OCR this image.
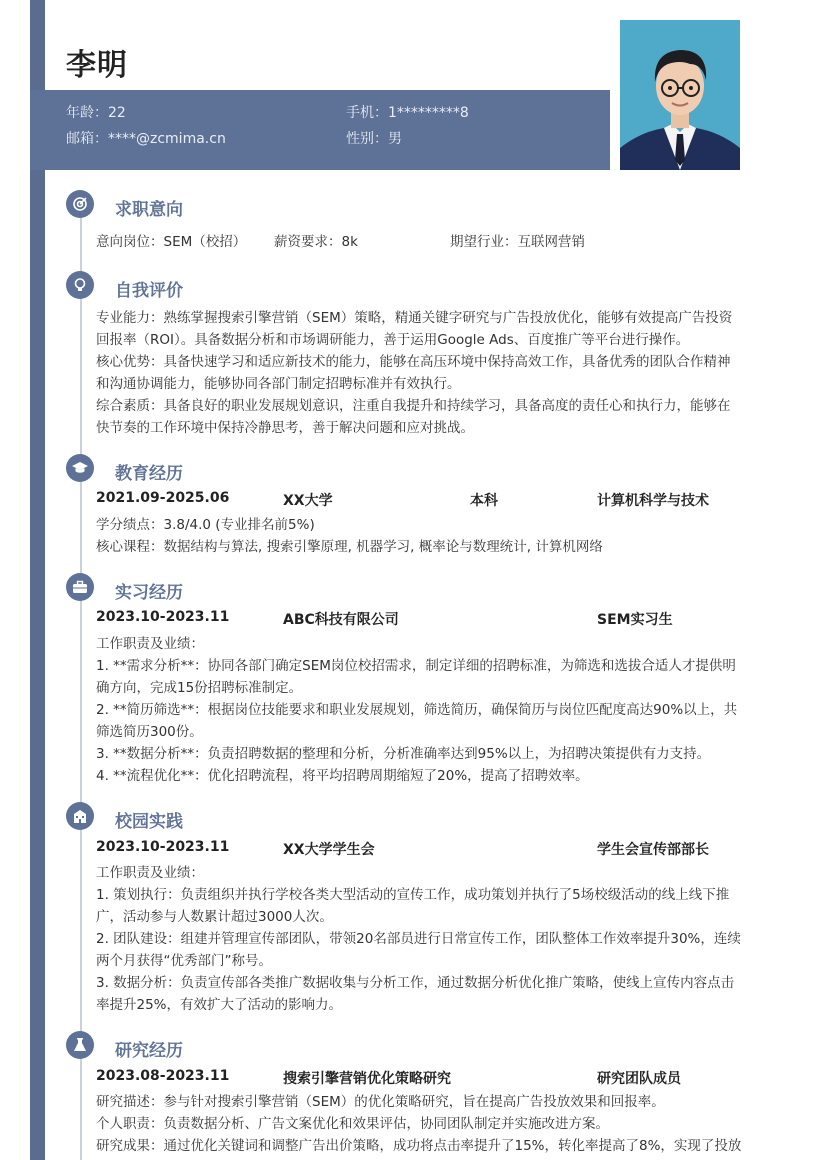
李明
年龄：22	手机：1*********8
邮箱：****@zcmima.cn	性别：男
求职意向
意向岗位：SEM（校招）	薪资要求：8k	期望行业：互联网营销
自我评价
专业能力：熟练掌握搜索引擎营销（SEM）策略，精通关键字研究与广告投放优化，能够有效提高广告投资
回报率（ROI）。具备数据分析和市场调研能力，善于运用Google Ads、百度推广等平台进行操作。
核心优势：具备快速学习和适应新技术的能力，能够在高压环境中保持高效工作，具备优秀的团队合作精神
和沟通协调能力，能够协同各部门制定招聘标准并有效执行。
综合素质：具备良好的职业发展规划意识，注重自我提升和持续学习，具备高度的责任心和执行力，能够在
快节奏的工作环境中保持冷静思考，善于解决问题和应对挑战。
教育经历
2021.09-2025.06	XX大学	本科	计算机科学与技术
学分绩点：3.8/4.0 (专业排名前5%)
核心课程：数据结构与算法, 搜索引擎原理, 机器学习, 概率论与数理统计, 计算机网络
实习经历
2023.10-2023.11	ABC科技有限公司	SEM实习生
工作职责及业绩：
1. **需求分析**：协同各部门确定SEM岗位校招需求，制定详细的招聘标准，为筛选和选拔合适人才提供明
确方向，完成15份招聘标准制定。
2. **简历筛选**：根据岗位技能要求和职业发展规划，筛选简历，确保简历与岗位匹配度高达90%以上，共
筛选简历300份。
3. **数据分析**：负责招聘数据的整理和分析，分析准确率达到95%以上，为招聘决策提供有力支持。
4. **流程优化**：优化招聘流程，将平均招聘周期缩短了20%，提高了招聘效率。
校园实践
2023.10-2023.11	XX大学学生会	学生会宣传部部长
工作职责及业绩：
1. 策划执行：负责组织并执行学校各类大型活动的宣传工作，成功策划并执行了5场校级活动的线上线下推
广，活动参与人数累计超过3000人次。
2. 团队建设：组建并管理宣传部团队，带领20名部员进行日常宣传工作，团队整体工作效率提升30%，连续
两个月获得“优秀部门”称号。
3. 数据分析：负责宣传部各类推广数据收集与分析工作，通过数据分析优化推广策略，使线上宣传内容点击
率提升25%，有效扩大了活动的影响力。
研究经历
2023.08-2023.11	搜索引擎营销优化策略研究	研究团队成员
研究描述：参与针对搜索引擎营销（SEM）的优化策略研究，旨在提高广告投放效果和回报率。
个人职责：负责数据分析、广告文案优化和效果评估，协同团队制定并实施改进方案。
研究成果：通过优化关键词和调整广告出价策略，成功将点击率提升了15%，转化率提高了8%，实现了投放
